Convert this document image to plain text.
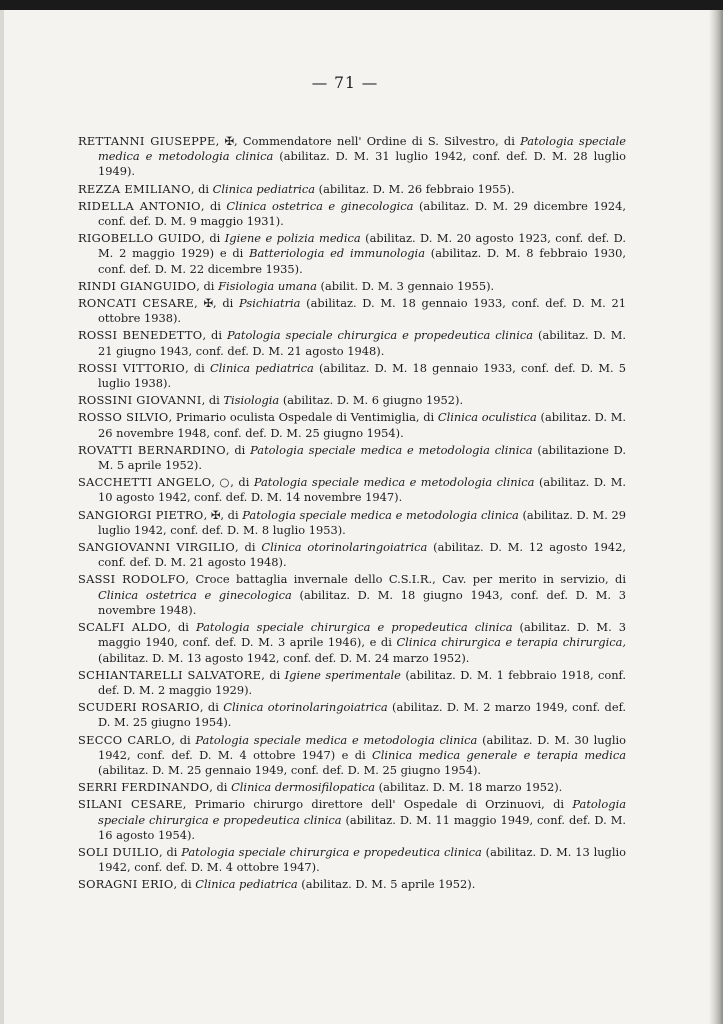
— 71 —

RETTANNI GIUSEPPE, ✠, Commendatore nell' Ordine di S. Silvestro, di Patologia speciale medica e metodologia clinica (abilitaz. D. M. 31 luglio 1942, conf. def. D. M. 28 luglio 1949).

REZZA EMILIANO, di Clinica pediatrica (abilitaz. D. M. 26 febbraio 1955).

RIDELLA ANTONIO, di Clinica ostetrica e ginecologica (abilitaz. D. M. 29 dicembre 1924, conf. def. D. M. 9 maggio 1931).

RIGOBELLO GUIDO, di Igiene e polizia medica (abilitaz. D. M. 20 agosto 1923, conf. def. D. M. 2 maggio 1929) e di Batteriologia ed immunologia (abilitaz. D. M. 8 febbraio 1930, conf. def. D. M. 22 dicembre 1935).

RINDI GIANGUIDO, di Fisiologia umana (abilit. D. M. 3 gennaio 1955).

RONCATI CESARE, ✠, di Psichiatria (abilitaz. D. M. 18 gennaio 1933, conf. def. D. M. 21 ottobre 1938).

ROSSI BENEDETTO, di Patologia speciale chirurgica e propedeutica clinica (abilitaz. D. M. 21 giugno 1943, conf. def. D. M. 21 agosto 1948).

ROSSI VITTORIO, di Clinica pediatrica (abilitaz. D. M. 18 gennaio 1933, conf. def. D. M. 5 luglio 1938).

ROSSINI GIOVANNI, di Tisiologia (abilitaz. D. M. 6 giugno 1952).

ROSSO SILVIO, Primario oculista Ospedale di Ventimiglia, di Clinica oculistica (abilitaz. D. M. 26 novembre 1948, conf. def. D. M. 25 giugno 1954).

ROVATTI BERNARDINO, di Patologia speciale medica e metodologia clinica (abilitazione D. M. 5 aprile 1952).

SACCHETTI ANGELO, ○, di Patologia speciale medica e metodologia clinica (abilitaz. D. M. 10 agosto 1942, conf. def. D. M. 14 novembre 1947).

SANGIORGI PIETRO, ✠, di Patologia speciale medica e metodologia clinica (abilitaz. D. M. 29 luglio 1942, conf. def. D. M. 8 luglio 1953).

SANGIOVANNI VIRGILIO, di Clinica otorinolaringoiatrica (abilitaz. D. M. 12 agosto 1942, conf. def. D. M. 21 agosto 1948).

SASSI RODOLFO, Croce battaglia invernale dello C.S.I.R., Cav. per merito in servizio, di Clinica ostetrica e ginecologica (abilitaz. D. M. 18 giugno 1943, conf. def. D. M. 3 novembre 1948).

SCALFI ALDO, di Patologia speciale chirurgica e propedeutica clinica (abilitaz. D. M. 3 maggio 1940, conf. def. D. M. 3 aprile 1946), e di Clinica chirurgica e terapia chirurgica, (abilitaz. D. M. 13 agosto 1942, conf. def. D. M. 24 marzo 1952).

SCHIANTARELLI SALVATORE, di Igiene sperimentale (abilitaz. D. M. 1 febbraio 1918, conf. def. D. M. 2 maggio 1929).

SCUDERI ROSARIO, di Clinica otorinolaringoiatrica (abilitaz. D. M. 2 marzo 1949, conf. def. D. M. 25 giugno 1954).

SECCO CARLO, di Patologia speciale medica e metodologia clinica (abilitaz. D. M. 30 luglio 1942, conf. def. D. M. 4 ottobre 1947) e di Clinica medica generale e terapia medica (abilitaz. D. M. 25 gennaio 1949, conf. def. D. M. 25 giugno 1954).

SERRI FERDINANDO, di Clinica dermosifilopatica (abilitaz. D. M. 18 marzo 1952).

SILANI CESARE, Primario chirurgo direttore dell' Ospedale di Orzinuovi, di Patologia speciale chirurgica e propedeutica clinica (abilitaz. D. M. 11 maggio 1949, conf. def. D. M. 16 agosto 1954).

SOLI DUILIO, di Patologia speciale chirurgica e propedeutica clinica (abilitaz. D. M. 13 luglio 1942, conf. def. D. M. 4 ottobre 1947).

SORAGNI ERIO, di Clinica pediatrica (abilitaz. D. M. 5 aprile 1952).
